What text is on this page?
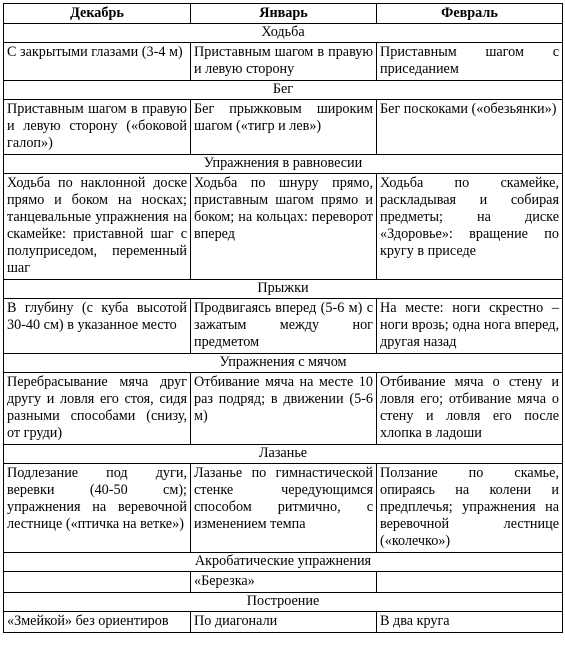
Декабрь	Январь	Февраль
Ходьба		
С закрытыми глазами (3-4 м)	Приставным шагом в правую и левую сторону	Приставным шагом с приседанием
Бег		
Приставным шагом в правую и левую сторону («боковой галоп»)	Бег прыжковым широким шагом («тигр и лев»)	Бег поскоками («обезьянки»)
Упражнения в равновесии		
Ходьба по наклонной доске прямо и боком на носках; танцевальные упражнения на скамейке: приставной шаг с полуприседом, переменный шаг	Ходьба по шнуру прямо, приставным шагом прямо и боком; на кольцах: переворот вперед	Ходьба по скамейке, раскладывая и собирая предметы; на диске «Здоровье»: вращение по кругу в приседе
Прыжки		
В глубину (с куба высотой 30-40 см) в указанное место	Продвигаясь вперед (5-6 м) с зажатым между ног предметом	На месте: ноги скрестно – ноги врозь; одна нога вперед, другая назад
Упражнения с мячом		
Перебрасывание мяча друг другу и ловля его стоя, сидя разными способами (снизу, от груди)	Отбивание мяча на месте 10 раз подряд; в движении (5-6 м)	Отбивание мяча о стену и ловля его; отбивание мяча о стену и ловля его после хлопка в ладоши
Лазанье		
Подлезание под дуги, веревки (40-50 см); упражнения на веревочной лестнице («птичка на ветке»)	Лазанье по гимнастической стенке чередующимся способом ритмично, с изменением темпа	Ползание по скамье, опираясь на колени и предплечья; упражнения на веревочной лестнице («колечко»)
Акробатические упражнения		
	«Березка»	
Построение		
«Змейкой» без ориентиров	По диагонали	В два круга
